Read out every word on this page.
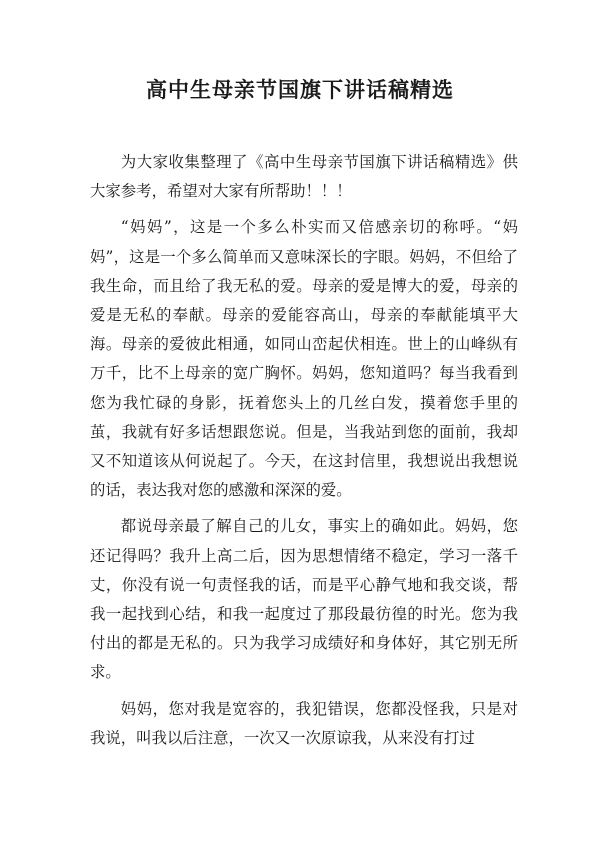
高中生母亲节国旗下讲话稿精选

为大家收集整理了《高中生母亲节国旗下讲话稿精选》供大家参考，希望对大家有所帮助！！！

“妈妈”，这是一个多么朴实而又倍感亲切的称呼。“妈妈”，这是一个多么简单而又意味深长的字眼。妈妈，不但给了我生命，而且给了我无私的爱。母亲的爱是博大的爱，母亲的爱是无私的奉献。母亲的爱能容高山，母亲的奉献能填平大海。母亲的爱彼此相通，如同山峦起伏相连。世上的山峰纵有万千，比不上母亲的宽广胸怀。妈妈，您知道吗？每当我看到您为我忙碌的身影，抚着您头上的几丝白发，摸着您手里的茧，我就有好多话想跟您说。但是，当我站到您的面前，我却又不知道该从何说起了。今天，在这封信里，我想说出我想说的话，表达我对您的感激和深深的爱。

都说母亲最了解自己的儿女，事实上的确如此。妈妈，您还记得吗？我升上高二后，因为思想情绪不稳定，学习一落千丈，你没有说一句责怪我的话，而是平心静气地和我交谈，帮我一起找到心结，和我一起度过了那段最彷徨的时光。您为我付出的都是无私的。只为我学习成绩好和身体好，其它别无所求。

妈妈，您对我是宽容的，我犯错误，您都没怪我，只是对我说，叫我以后注意，一次又一次原谅我，从来没有打过
